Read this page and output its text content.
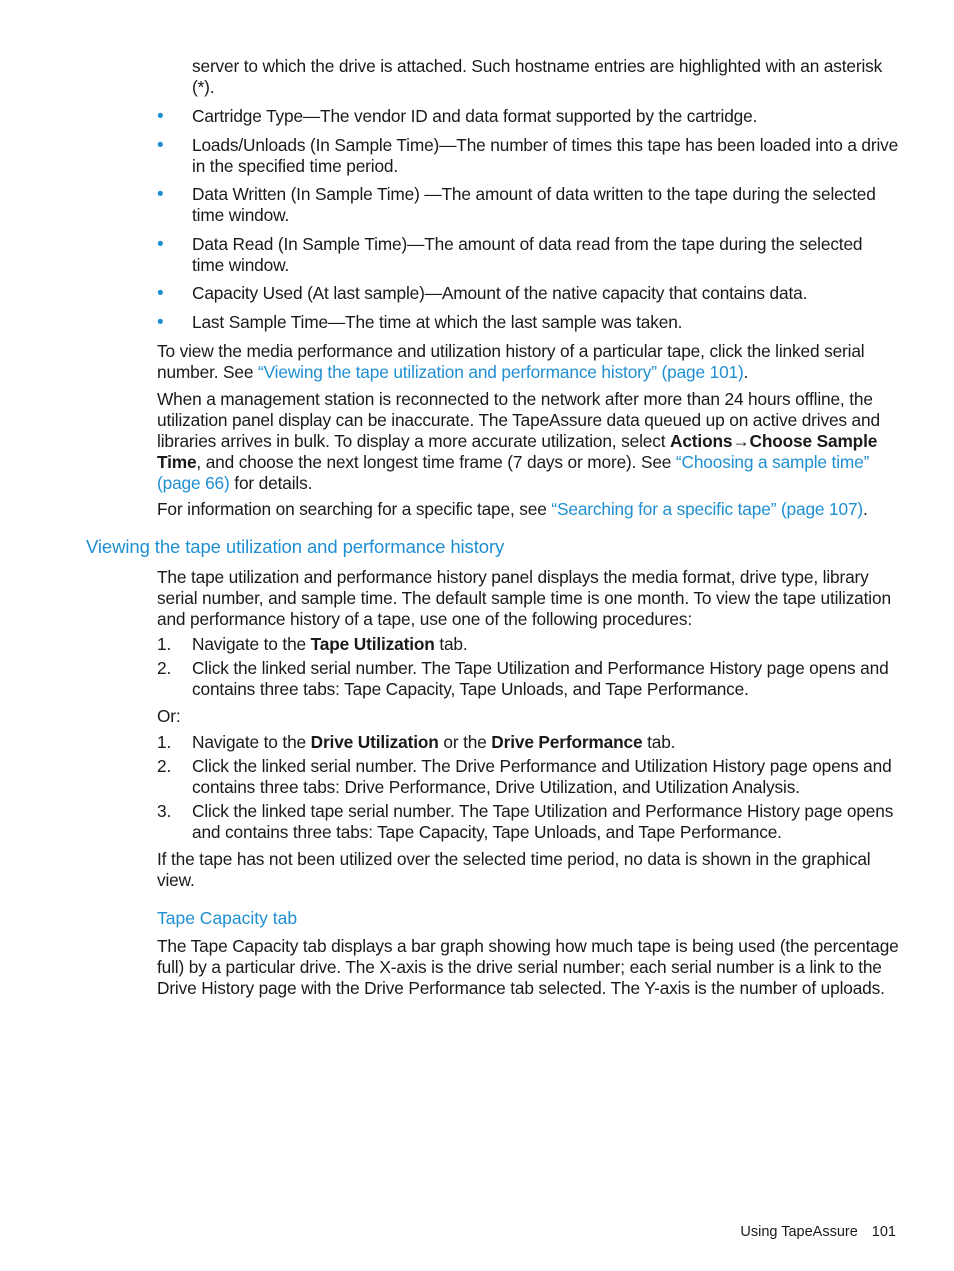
server to which the drive is attached. Such hostname entries are highlighted with an asterisk (*).
• Cartridge Type—The vendor ID and data format supported by the cartridge.
• Loads/Unloads (In Sample Time)—The number of times this tape has been loaded into a drive in the specified time period.
• Data Written (In Sample Time) —The amount of data written to the tape during the selected time window.
• Data Read (In Sample Time)—The amount of data read from the tape during the selected time window.
• Capacity Used (At last sample)—Amount of the native capacity that contains data.
• Last Sample Time—The time at which the last sample was taken.
To view the media performance and utilization history of a particular tape, click the linked serial number. See “Viewing the tape utilization and performance history” (page 101).
When a management station is reconnected to the network after more than 24 hours offline, the utilization panel display can be inaccurate. The TapeAssure data queued up on active drives and libraries arrives in bulk. To display a more accurate utilization, select Actions→Choose Sample Time, and choose the next longest time frame (7 days or more). See “Choosing a sample time” (page 66) for details.
For information on searching for a specific tape, see “Searching for a specific tape” (page 107).
Viewing the tape utilization and performance history
The tape utilization and performance history panel displays the media format, drive type, library serial number, and sample time. The default sample time is one month. To view the tape utilization and performance history of a tape, use one of the following procedures:
1. Navigate to the Tape Utilization tab.
2. Click the linked serial number. The Tape Utilization and Performance History page opens and contains three tabs: Tape Capacity, Tape Unloads, and Tape Performance.
Or:
1. Navigate to the Drive Utilization or the Drive Performance tab.
2. Click the linked serial number. The Drive Performance and Utilization History page opens and contains three tabs: Drive Performance, Drive Utilization, and Utilization Analysis.
3. Click the linked tape serial number. The Tape Utilization and Performance History page opens and contains three tabs: Tape Capacity, Tape Unloads, and Tape Performance.
If the tape has not been utilized over the selected time period, no data is shown in the graphical view.
Tape Capacity tab
The Tape Capacity tab displays a bar graph showing how much tape is being used (the percentage full) by a particular drive. The X-axis is the drive serial number; each serial number is a link to the Drive History page with the Drive Performance tab selected. The Y-axis is the number of uploads.
Using TapeAssure 101
